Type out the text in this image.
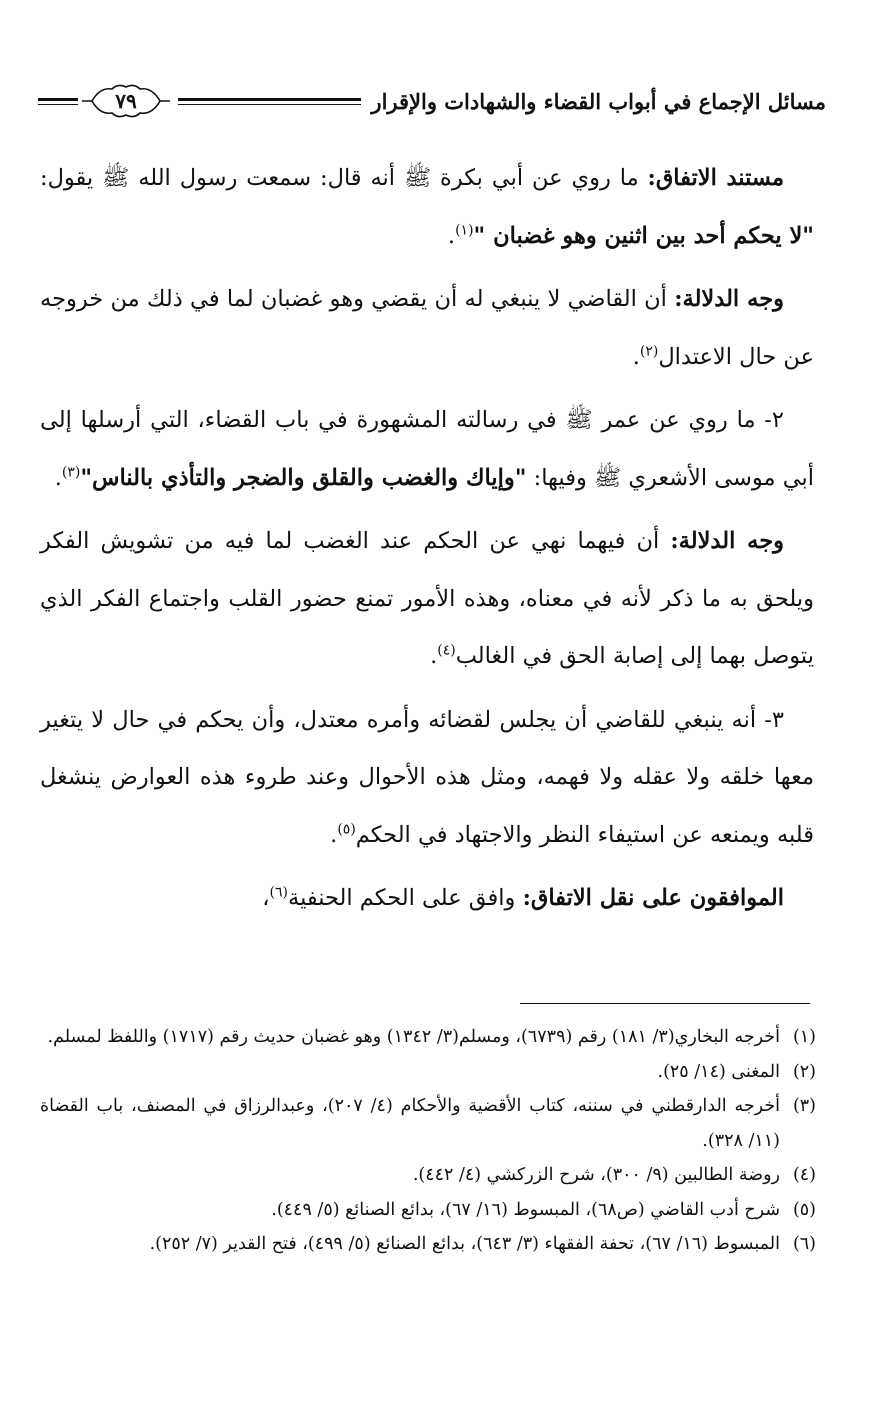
مسائل الإجماع في أبواب القضاء والشهادات والإقرار
٧٩

مستند الاتفاق: ما روي عن أبي بكرة ﷺ أنه قال: سمعت رسول الله ﷺ يقول: "لا يحكم أحد بين اثنين وهو غضبان "$^{(١)}$.

وجه الدلالة: أن القاضي لا ينبغي له أن يقضي وهو غضبان لما في ذلك من خروجه عن حال الاعتدال$^{(٢)}$.

٢- ما روي عن عمر ﷺ في رسالته المشهورة في باب القضاء، التي أرسلها إلى أبي موسى الأشعري ﷺ وفيها: "وإياك والغضب والقلق والضجر والتأذي بالناس"$^{(٣)}$.

وجه الدلالة: أن فيهما نهي عن الحكم عند الغضب لما فيه من تشويش الفكر ويلحق به ما ذكر لأنه في معناه، وهذه الأمور تمنع حضور القلب واجتماع الفكر الذي يتوصل بهما إلى إصابة الحق في الغالب$^{(٤)}$.

٣- أنه ينبغي للقاضي أن يجلس لقضائه وأمره معتدل، وأن يحكم في حال لا يتغير معها خلقه ولا عقله ولا فهمه، ومثل هذه الأحوال وعند طروء هذه العوارض ينشغل قلبه ويمنعه عن استيفاء النظر والاجتهاد في الحكم$^{(٥)}$.

الموافقون على نقل الاتفاق: وافق على الحكم الحنفية$^{(٦)}$،

(١)
أخرجه البخاري(٣/ ١٨١) رقم (٦٧٣٩)، ومسلم(٣/ ١٣٤٢) وهو غضبان حديث رقم (١٧١٧) واللفظ لمسلم.
(٢)
المغنى (١٤/ ٢٥).
(٣)
أخرجه الدارقطني في سننه، كتاب الأقضية والأحكام (٤/ ٢٠٧)، وعبدالرزاق في المصنف، باب القضاة (١١/ ٣٢٨).
(٤)
روضة الطالبين (٩/ ٣٠٠)، شرح الزركشي (٤/ ٤٤٢).
(٥)
شرح أدب القاضي (ص٦٨)، المبسوط (١٦/ ٦٧)، بدائع الصنائع (٥/ ٤٤٩).
(٦)
المبسوط (١٦/ ٦٧)، تحفة الفقهاء (٣/ ٦٤٣)، بدائع الصنائع (٥/ ٤٩٩)، فتح القدير (٧/ ٢٥٢).
